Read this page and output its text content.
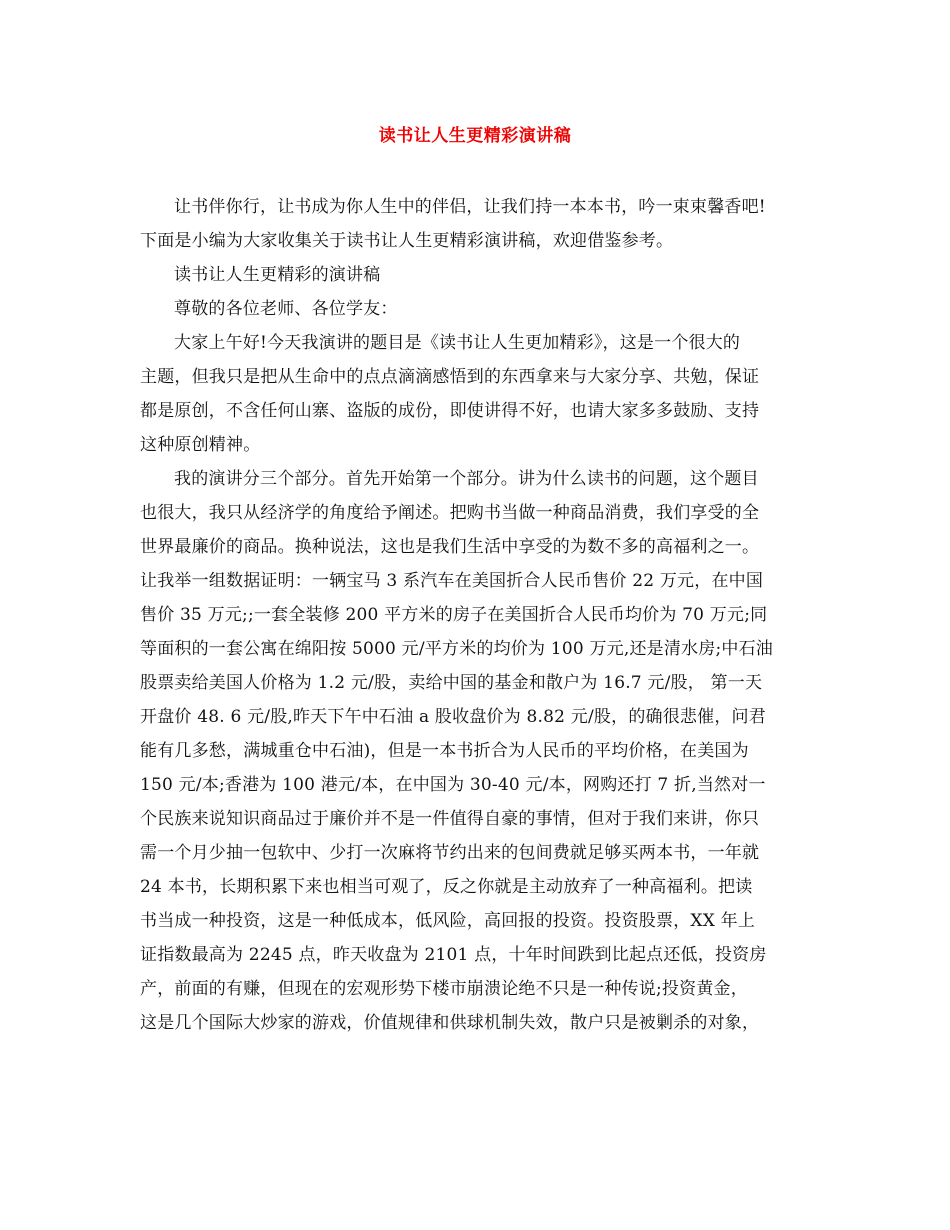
读书让人生更精彩演讲稿
让书伴你行，让书成为你人生中的伴侣，让我们持一本本书，吟一束束馨香吧!
下面是小编为大家收集关于读书让人生更精彩演讲稿，欢迎借鉴参考。
读书让人生更精彩的演讲稿
尊敬的各位老师、各位学友：
大家上午好!今天我演讲的题目是《读书让人生更加精彩》，这是一个很大的
主题，但我只是把从生命中的点点滴滴感悟到的东西拿来与大家分享、共勉，保证
都是原创，不含任何山寨、盗版的成份，即使讲得不好，也请大家多多鼓励、支持
这种原创精神。
我的演讲分三个部分。首先开始第一个部分。讲为什么读书的问题，这个题目
也很大，我只从经济学的角度给予阐述。把购书当做一种商品消费，我们享受的全
世界最廉价的商品。换种说法，这也是我们生活中享受的为数不多的高福利之一。
让我举一组数据证明：一辆宝马 3 系汽车在美国折合人民币售价 22 万元，在中国
售价 35 万元;;一套全装修 200 平方米的房子在美国折合人民币均价为 70 万元;同
等面积的一套公寓在绵阳按 5000 元/平方米的均价为 100 万元,还是清水房;中石油
股票卖给美国人价格为 1.2 元/股，卖给中国的基金和散户为 16.7 元/股， 第一天
开盘价 48. 6 元/股,昨天下午中石油 a 股收盘价为 8.82 元/股，的确很悲催，问君
能有几多愁，满城重仓中石油)，但是一本书折合为人民币的平均价格，在美国为
150 元/本;香港为 100 港元/本，在中国为 30-40 元/本，网购还打 7 折,当然对一
个民族来说知识商品过于廉价并不是一件值得自豪的事情，但对于我们来讲，你只
需一个月少抽一包软中、少打一次麻将节约出来的包间费就足够买两本书，一年就
24 本书，长期积累下来也相当可观了，反之你就是主动放弃了一种高福利。把读
书当成一种投资，这是一种低成本，低风险，高回报的投资。投资股票，XX 年上
证指数最高为 2245 点，昨天收盘为 2101 点，十年时间跌到比起点还低，投资房
产，前面的有赚，但现在的宏观形势下楼市崩溃论绝不只是一种传说;投资黄金，
这是几个国际大炒家的游戏，价值规律和供球机制失效，散户只是被剿杀的对象，
